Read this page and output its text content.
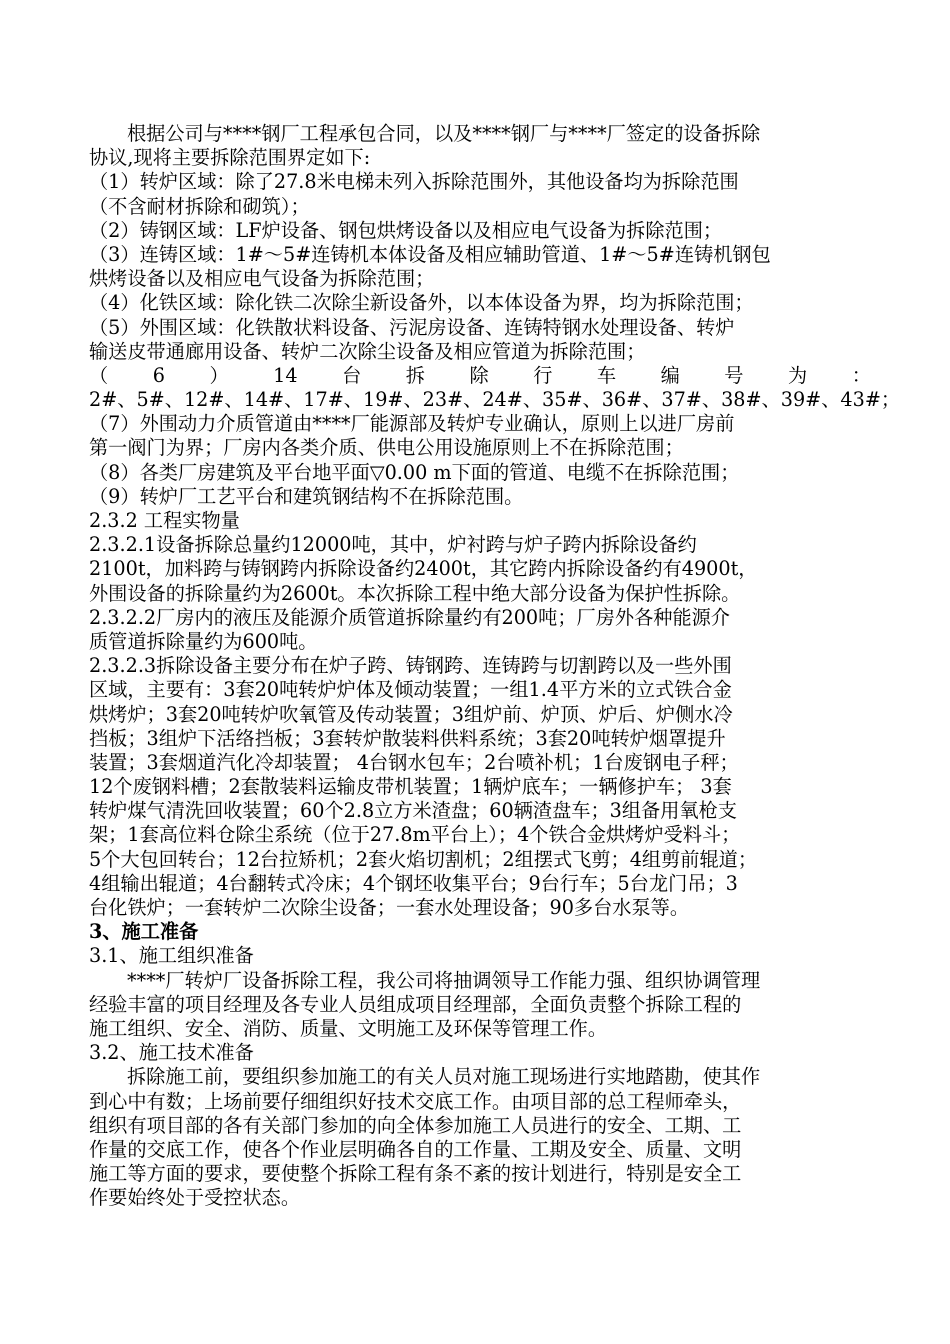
根据公司与****钢厂工程承包合同，以及****钢厂与****厂签定的设备拆除
协议,现将主要拆除范围界定如下:
（1）转炉区域：除了27.8米电梯未列入拆除范围外，其他设备均为拆除范围
（不含耐材拆除和砌筑）；
（2）铸钢区域：LF炉设备、钢包烘烤设备以及相应电气设备为拆除范围；
（3）连铸区域：1#～5#连铸机本体设备及相应辅助管道、1#～5#连铸机钢包
烘烤设备以及相应电气设备为拆除范围；
（4）化铁区域：除化铁二次除尘新设备外，以本体设备为界，均为拆除范围；
（5）外围区域：化铁散状料设备、污泥房设备、连铸特钢水处理设备、转炉
输送皮带通廊用设备、转炉二次除尘设备及相应管道为拆除范围；
（ 6 ） 14 台 拆 除 行 车 编 号 为 ：
2#、5#、12#、14#、17#、19#、23#、24#、35#、36#、37#、38#、39#、43#；
（7）外围动力介质管道由****厂能源部及转炉专业确认，原则上以进厂房前
第一阀门为界；厂房内各类介质、供电公用设施原则上不在拆除范围；
（8）各类厂房建筑及平台地平面▽0.00 m下面的管道、电缆不在拆除范围；
（9）转炉厂工艺平台和建筑钢结构不在拆除范围。
2.3.2 工程实物量
2.3.2.1设备拆除总量约12000吨，其中，炉衬跨与炉子跨内拆除设备约
2100t，加料跨与铸钢跨内拆除设备约2400t，其它跨内拆除设备约有4900t，
外围设备的拆除量约为2600t。本次拆除工程中绝大部分设备为保护性拆除。
2.3.2.2厂房内的液压及能源介质管道拆除量约有200吨；厂房外各种能源介
质管道拆除量约为600吨。
2.3.2.3拆除设备主要分布在炉子跨、铸钢跨、连铸跨与切割跨以及一些外围
区域，主要有：3套20吨转炉炉体及倾动装置；一组1.4平方米的立式铁合金
烘烤炉；3套20吨转炉吹氧管及传动装置；3组炉前、炉顶、炉后、炉侧水冷
挡板；3组炉下活络挡板；3套转炉散装料供料系统；3套20吨转炉烟罩提升
装置；3套烟道汽化冷却装置； 4台钢水包车；2台喷补机；1台废钢电子秤；
12个废钢料槽；2套散装料运输皮带机装置；1辆炉底车；一辆修护车； 3套
转炉煤气清洗回收装置；60个2.8立方米渣盘；60辆渣盘车；3组备用氧枪支
架；1套高位料仓除尘系统（位于27.8m平台上）；4个铁合金烘烤炉受料斗；
5个大包回转台；12台拉矫机；2套火焰切割机；2组摆式飞剪；4组剪前辊道；
4组输出辊道；4台翻转式冷床；4个钢坯收集平台；9台行车；5台龙门吊；3
台化铁炉；一套转炉二次除尘设备；一套水处理设备；90多台水泵等。
3、施工准备
3.1、施工组织准备
****厂转炉厂设备拆除工程，我公司将抽调领导工作能力强、组织协调管理
经验丰富的项目经理及各专业人员组成项目经理部，全面负责整个拆除工程的
施工组织、安全、消防、质量、文明施工及环保等管理工作。
3.2、施工技术准备
拆除施工前，要组织参加施工的有关人员对施工现场进行实地踏勘，使其作
到心中有数；上场前要仔细组织好技术交底工作。由项目部的总工程师牵头，
组织有项目部的各有关部门参加的向全体参加施工人员进行的安全、工期、工
作量的交底工作，使各个作业层明确各自的工作量、工期及安全、质量、文明
施工等方面的要求，要使整个拆除工程有条不紊的按计划进行，特别是安全工
作要始终处于受控状态。
